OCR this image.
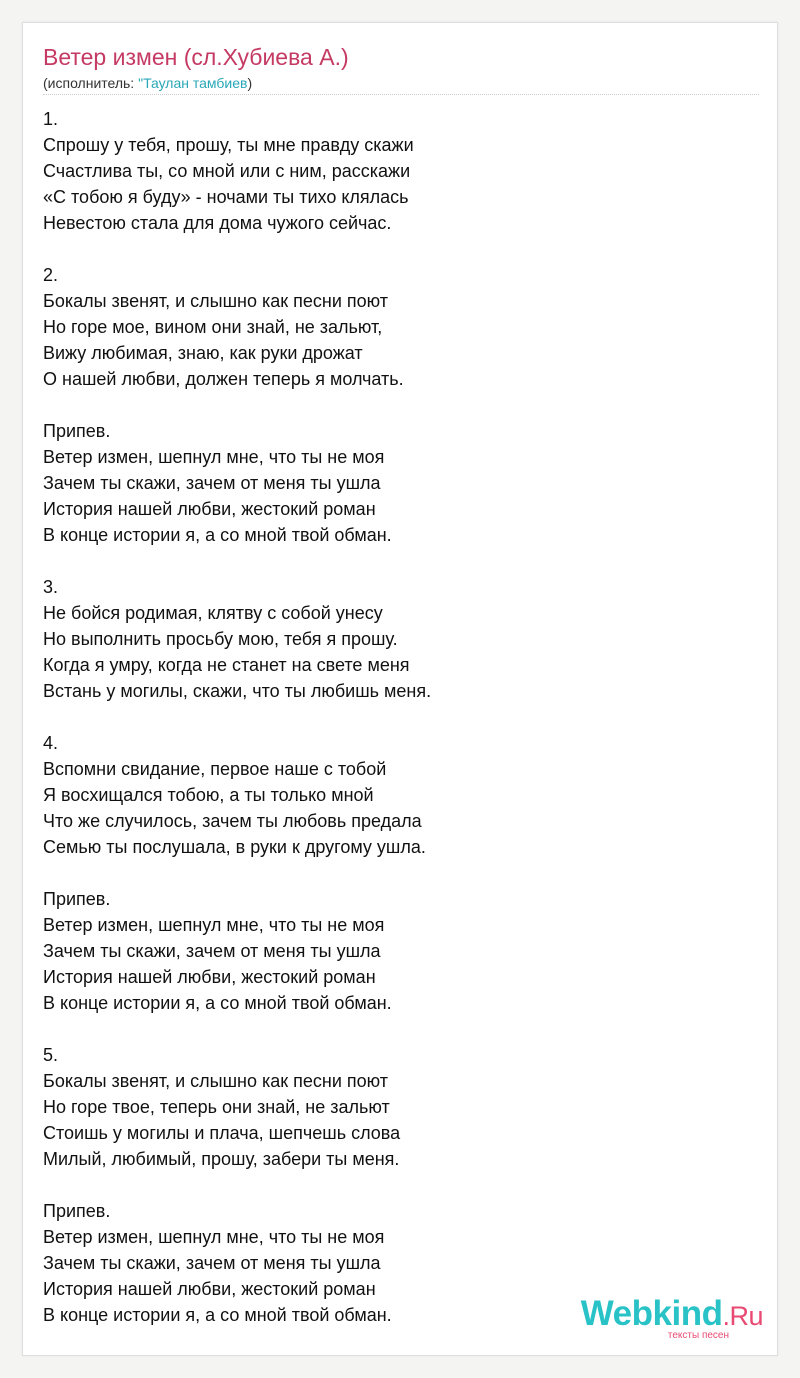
Ветер измен (сл.Хубиева А.)
(исполнитель: "Таулан тамбиев)
1.
Спрошу у тебя, прошу, ты мне правду скажи
Счастлива ты, со мной или с ним, расскажи
«С тобою я буду» - ночами ты тихо клялась
Невестою стала для дома чужого сейчас.
2.
Бокалы звенят, и слышно как песни поют
Но горе мое, вином они знай, не зальют,
Вижу любимая, знаю, как руки дрожат
О нашей любви, должен теперь я молчать.
Припев.
Ветер измен, шепнул мне, что ты не моя
Зачем ты скажи, зачем от меня ты ушла
История нашей любви, жестокий роман
В конце истории я, а со мной твой обман.
3.
Не бойся родимая, клятву с собой унесу
Но выполнить просьбу мою, тебя я прошу.
Когда я умру, когда не станет на свете меня
Встань у могилы, скажи, что ты любишь меня.
4.
Вспомни свидание, первое наше с тобой
Я восхищался тобою, а ты только мной
Что же случилось, зачем ты любовь предала
Семью ты послушала, в руки к другому ушла.
Припев.
Ветер измен, шепнул мне, что ты не моя
Зачем ты скажи, зачем от меня ты ушла
История нашей любви, жестокий роман
В конце истории я, а со мной твой обман.
5.
Бокалы звенят, и слышно как песни поют
Но горе твое, теперь они знай, не зальют
Стоишь у могилы и плача, шепчешь слова
Милый, любимый, прошу, забери ты меня.
Припев.
Ветер измен, шепнул мне, что ты не моя
Зачем ты скажи, зачем от меня ты ушла
История нашей любви, жестокий роман
В конце истории я, а со мной твой обман.	Webkind.Ru
тексты песен
